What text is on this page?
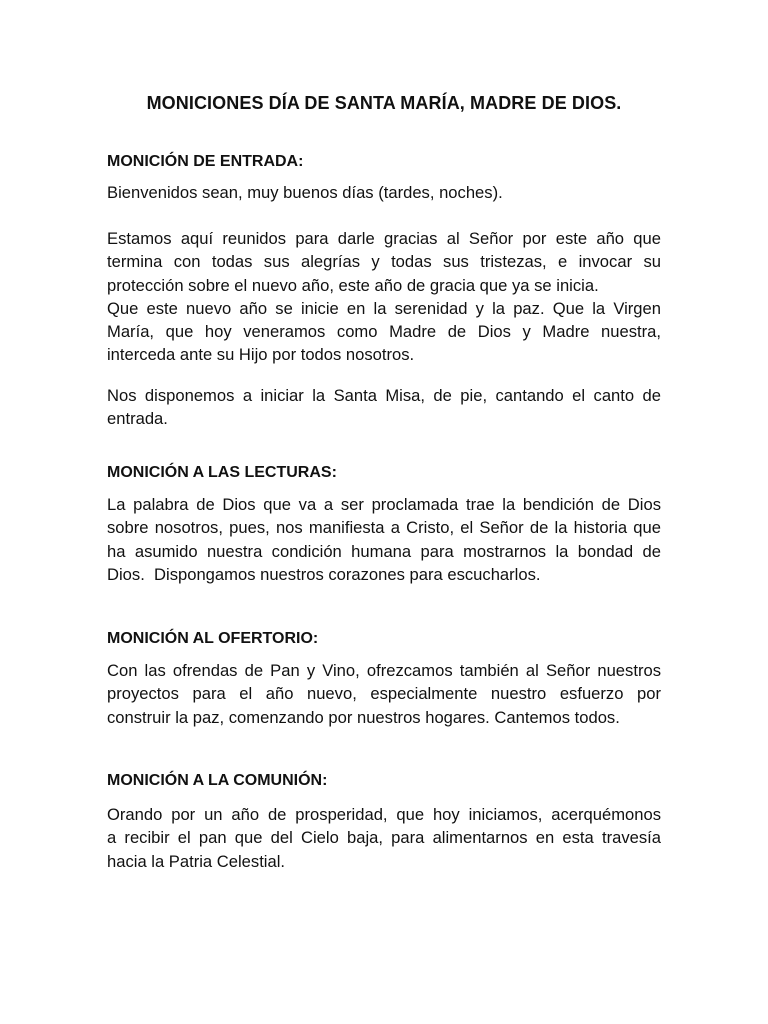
MONICIONES DÍA DE SANTA MARÍA, MADRE DE DIOS.
MONICIÓN DE ENTRADA:

Bienvenidos sean, muy buenos días (tardes, noches).

Estamos aquí reunidos para darle gracias al Señor por este año que
termina con todas sus alegrías y todas sus tristezas, e invocar su
protección sobre el nuevo año, este año de gracia que ya se inicia.
Que este nuevo año se inicie en la serenidad y la paz. Que la Virgen
María, que hoy veneramos como Madre de Dios y Madre nuestra,
interceda ante su Hijo por todos nosotros.

Nos disponemos a iniciar la Santa Misa, de pie, cantando el canto de
entrada.

MONICIÓN A LAS LECTURAS:

La palabra de Dios que va a ser proclamada trae la bendición de Dios
sobre nosotros, pues, nos manifiesta a Cristo, el Señor de la historia que
ha asumido nuestra condición humana para mostrarnos la bondad de
Dios.  Dispongamos nuestros corazones para escucharlos.

MONICIÓN AL OFERTORIO:

Con las ofrendas de Pan y Vino, ofrezcamos también al Señor nuestros
proyectos para el año nuevo, especialmente nuestro esfuerzo por
construir la paz, comenzando por nuestros hogares. Cantemos todos.

MONICIÓN A LA COMUNIÓN:

Orando por un año de prosperidad, que hoy iniciamos, acerquémonos
a recibir el pan que del Cielo baja, para alimentarnos en esta travesía
hacia la Patria Celestial.
